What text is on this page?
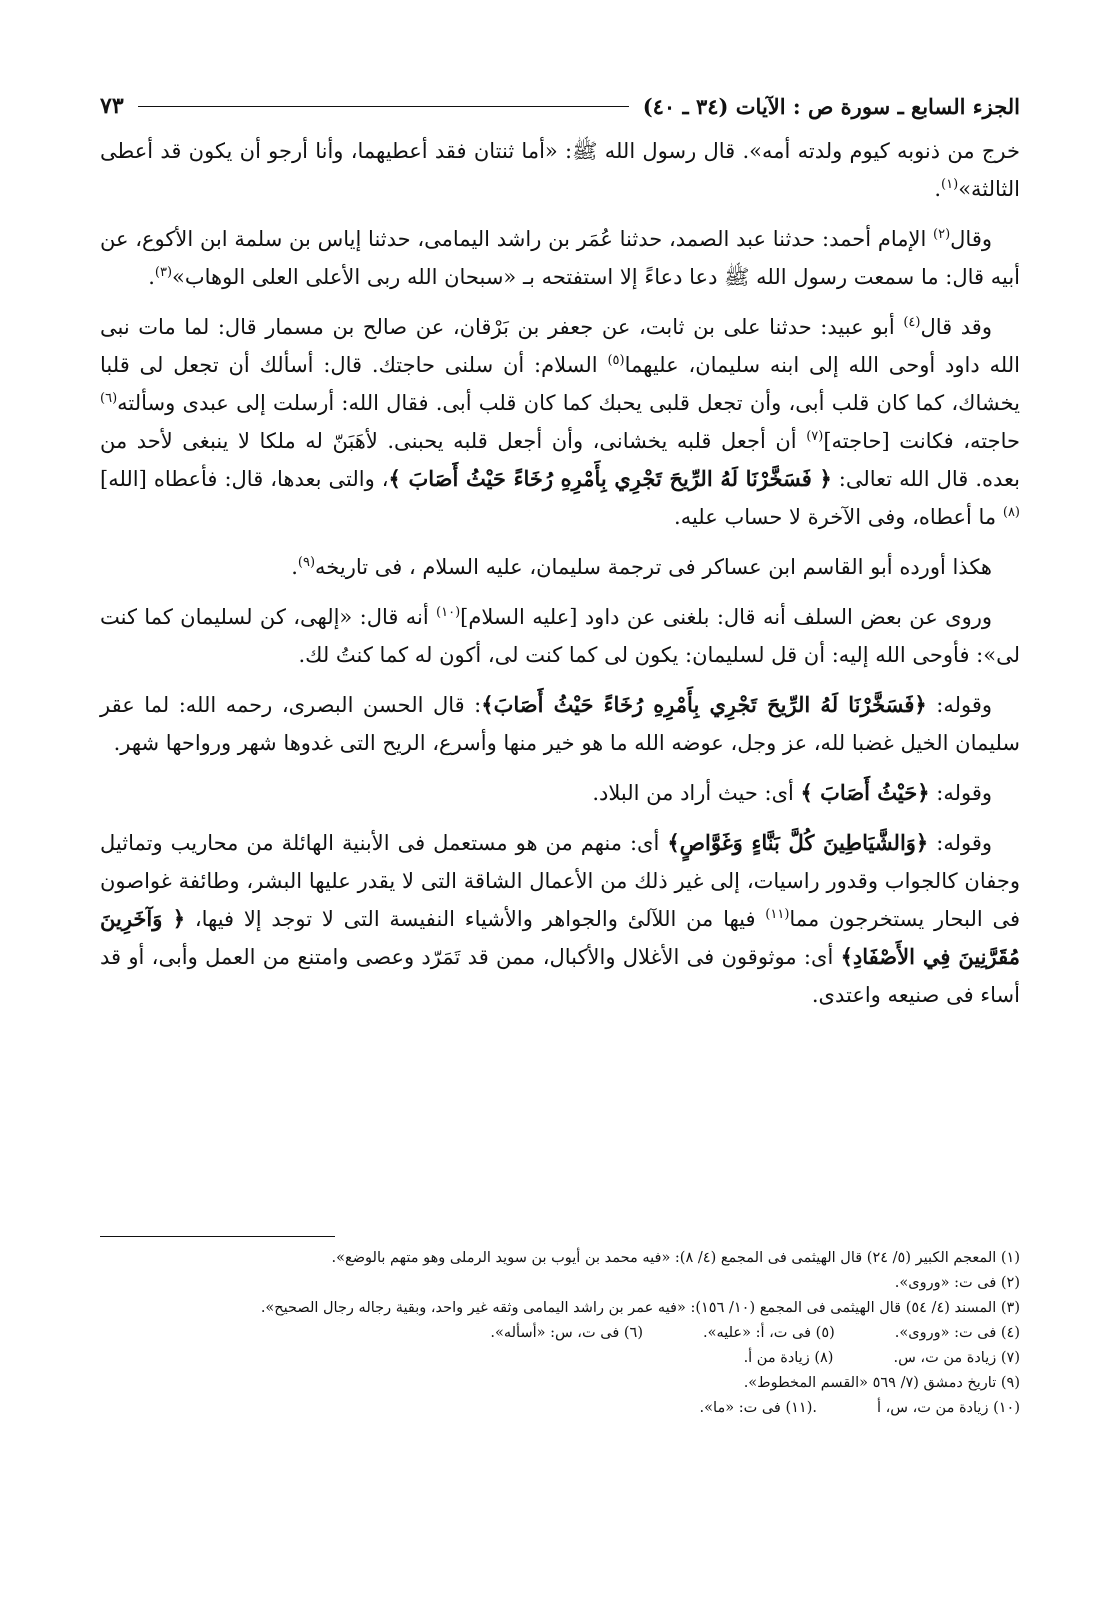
الجزء السابع ـ سورة ص : الآيات (٣٤ ـ ٤٠)
٧٣

خرج من ذنوبه كيوم ولدته أمه». قال رسول الله ﷺ: «أما ثنتان فقد أعطيهما، وأنا أرجو أن يكون قد أعطى الثالثة»$^{(١)}$.

وقال$^{(٢)}$ الإمام أحمد: حدثنا عبد الصمد، حدثنا عُمَر بن راشد اليمامى، حدثنا إياس بن سلمة ابن الأكوع، عن أبيه قال: ما سمعت رسول الله ﷺ دعا دعاءً إلا استفتحه بـ «سبحان الله ربى الأعلى العلى الوهاب»$^{(٣)}$.

وقد قال$^{(٤)}$ أبو عبيد: حدثنا على بن ثابت، عن جعفر بن بَرْقان، عن صالح بن مسمار قال: لما مات نبى الله داود أوحى الله إلى ابنه سليمان، عليهما$^{(٥)}$ السلام: أن سلنى حاجتك. قال: أسألك أن تجعل لى قلبا يخشاك، كما كان قلب أبى، وأن تجعل قلبى يحبك كما كان قلب أبى. فقال الله: أرسلت إلى عبدى وسألته$^{(٦)}$ حاجته، فكانت [حاجته]$^{(٧)}$ أن أجعل قلبه يخشانى، وأن أجعل قلبه يحبنى. لأهَبَنّ له ملكا لا ينبغى لأحد من بعده. قال الله تعالى: ﴿ فَسَخَّرْنَا لَهُ الرِّيحَ تَجْرِي بِأَمْرِهِ رُخَاءً حَيْثُ أَصَابَ ﴾، والتى بعدها، قال: فأعطاه [الله]$^{(٨)}$ ما أعطاه، وفى الآخرة لا حساب عليه.

هكذا أورده أبو القاسم ابن عساكر فى ترجمة سليمان، عليه السلام ، فى تاريخه$^{(٩)}$.

وروى عن بعض السلف أنه قال: بلغنى عن داود [عليه السلام]$^{(١٠)}$ أنه قال: «إلهى، كن لسليمان كما كنت لى»: فأوحى الله إليه: أن قل لسليمان: يكون لى كما كنت لى، أكون له كما كنتُ لك.

وقوله: ﴿فَسَخَّرْنَا لَهُ الرِّيحَ تَجْرِي بِأَمْرِهِ رُخَاءً حَيْثُ أَصَابَ﴾: قال الحسن البصرى، رحمه الله: لما عقر سليمان الخيل غضبا لله، عز وجل، عوضه الله ما هو خير منها وأسرع، الريح التى غدوها شهر ورواحها شهر.

وقوله: ﴿حَيْثُ أَصَابَ ﴾ أى: حيث أراد من البلاد.

وقوله: ﴿وَالشَّيَاطِينَ كُلَّ بَنَّاءٍ وَغَوَّاصٍ﴾ أى: منهم من هو مستعمل فى الأبنية الهائلة من محاريب وتماثيل وجفان كالجواب وقدور راسيات، إلى غير ذلك من الأعمال الشاقة التى لا يقدر عليها البشر، وطائفة غواصون فى البحار يستخرجون مما$^{(١١)}$ فيها من اللآلئ والجواهر والأشياء النفيسة التى لا توجد إلا فيها، ﴿ وَآخَرِينَ مُقَرَّنِينَ فِي الأَصْفَادِ﴾ أى: موثوقون فى الأغلال والأكبال، ممن قد تَمَرّد وعصى وامتنع من العمل وأبى، أو قد أساء فى صنيعه واعتدى.

(١) المعجم الكبير (٥/ ٢٤) قال الهيثمى فى المجمع (٤/ ٨): «فيه محمد بن أيوب بن سويد الرملى وهو متهم بالوضع».
(٢) فى ت: «وروى».
(٣) المسند (٤/ ٥٤) قال الهيثمى فى المجمع (١٠/ ١٥٦): «فيه عمر بن راشد اليمامى وثقه غير واحد، وبقية رجاله رجال الصحيح».
(٤) فى ت: «وروى».
(٥) فى ت، أ: «عليه».
(٦) فى ت، س: «أسأله».
(٧) زيادة من ت، س.
(٨) زيادة من أ.
(٩) تاريخ دمشق (٧/ ٥٦٩ «القسم المخطوط».
(١٠) زيادة من ت، س، أ
.(١١) فى ت: «ما».
